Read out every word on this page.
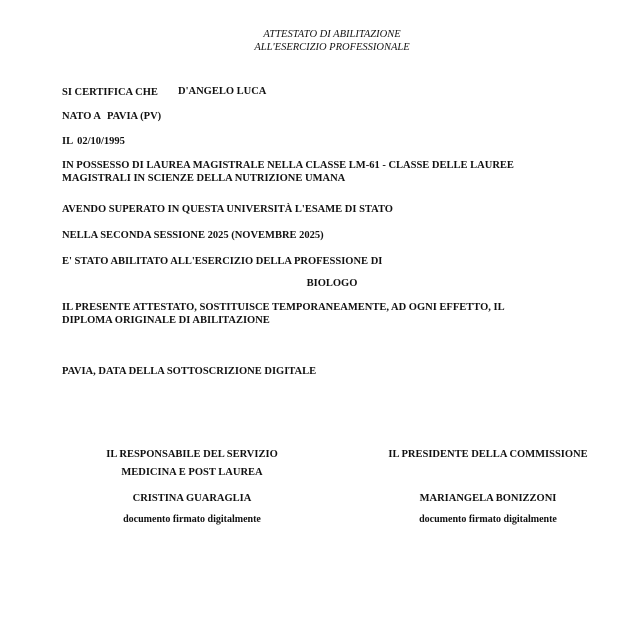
ATTESTATO DI ABILITAZIONE
ALL'ESERCIZIO PROFESSIONALE
SI CERTIFICA CHE D'ANGELO LUCA
NATO A PAVIA (PV)
IL 02/10/1995
IN POSSESSO DI LAUREA MAGISTRALE NELLA CLASSE LM-61 - CLASSE DELLE LAUREE MAGISTRALI IN SCIENZE DELLA NUTRIZIONE UMANA
AVENDO SUPERATO IN QUESTA UNIVERSITÀ L'ESAME DI STATO
NELLA SECONDA SESSIONE 2025 (NOVEMBRE 2025)
E' STATO ABILITATO ALL'ESERCIZIO DELLA PROFESSIONE DI
BIOLOGO
IL PRESENTE ATTESTATO, SOSTITUISCE TEMPORANEAMENTE, AD OGNI EFFETTO, IL DIPLOMA ORIGINALE DI ABILITAZIONE
PAVIA, DATA DELLA SOTTOSCRIZIONE DIGITALE
IL RESPONSABILE DEL SERVIZIO
MEDICINA E POST LAUREA
CRISTINA GUARAGLIA
documento firmato digitalmente
IL PRESIDENTE DELLA COMMISSIONE
MARIANGELA BONIZZONI
documento firmato digitalmente
